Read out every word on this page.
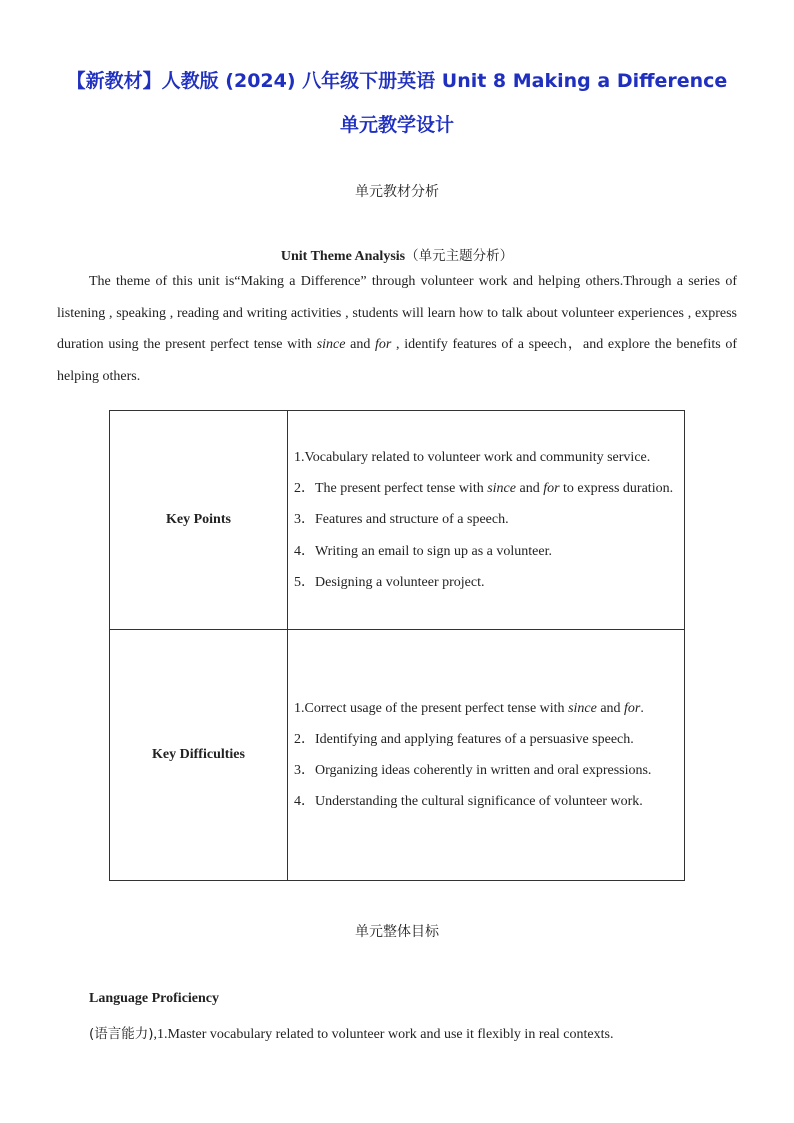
【新教材】人教版 (2024) 八年级下册英语 Unit 8 Making a Difference
单元教学设计
单元教材分析
Unit Theme Analysis（单元主题分析）

The theme of this unit is“Making a Difference” through volunteer work and helping others.Through a series of listening , speaking , reading and writing activities , students will learn how to talk about volunteer experiences , express duration using the present perfect tense with since and for , identify features of a speech，and explore the benefits of helping others.

Key Points	1.Vocabulary related to volunteer work and community service.

2．The present perfect tense with since and for to express duration.

3．Features and structure of a speech.

4．Writing an email to sign up as a volunteer.

5．Designing a volunteer project.

Key Difficulties	1.Correct usage of the present perfect tense with since and for.

2．Identifying and applying features of a persuasive speech.

3．Organizing ideas coherently in written and oral expressions.

4．Understanding the cultural significance of volunteer work.

单元整体目标
Language Proficiency
(语言能力),1.Master vocabulary related to volunteer work and use it flexibly in real contexts.
